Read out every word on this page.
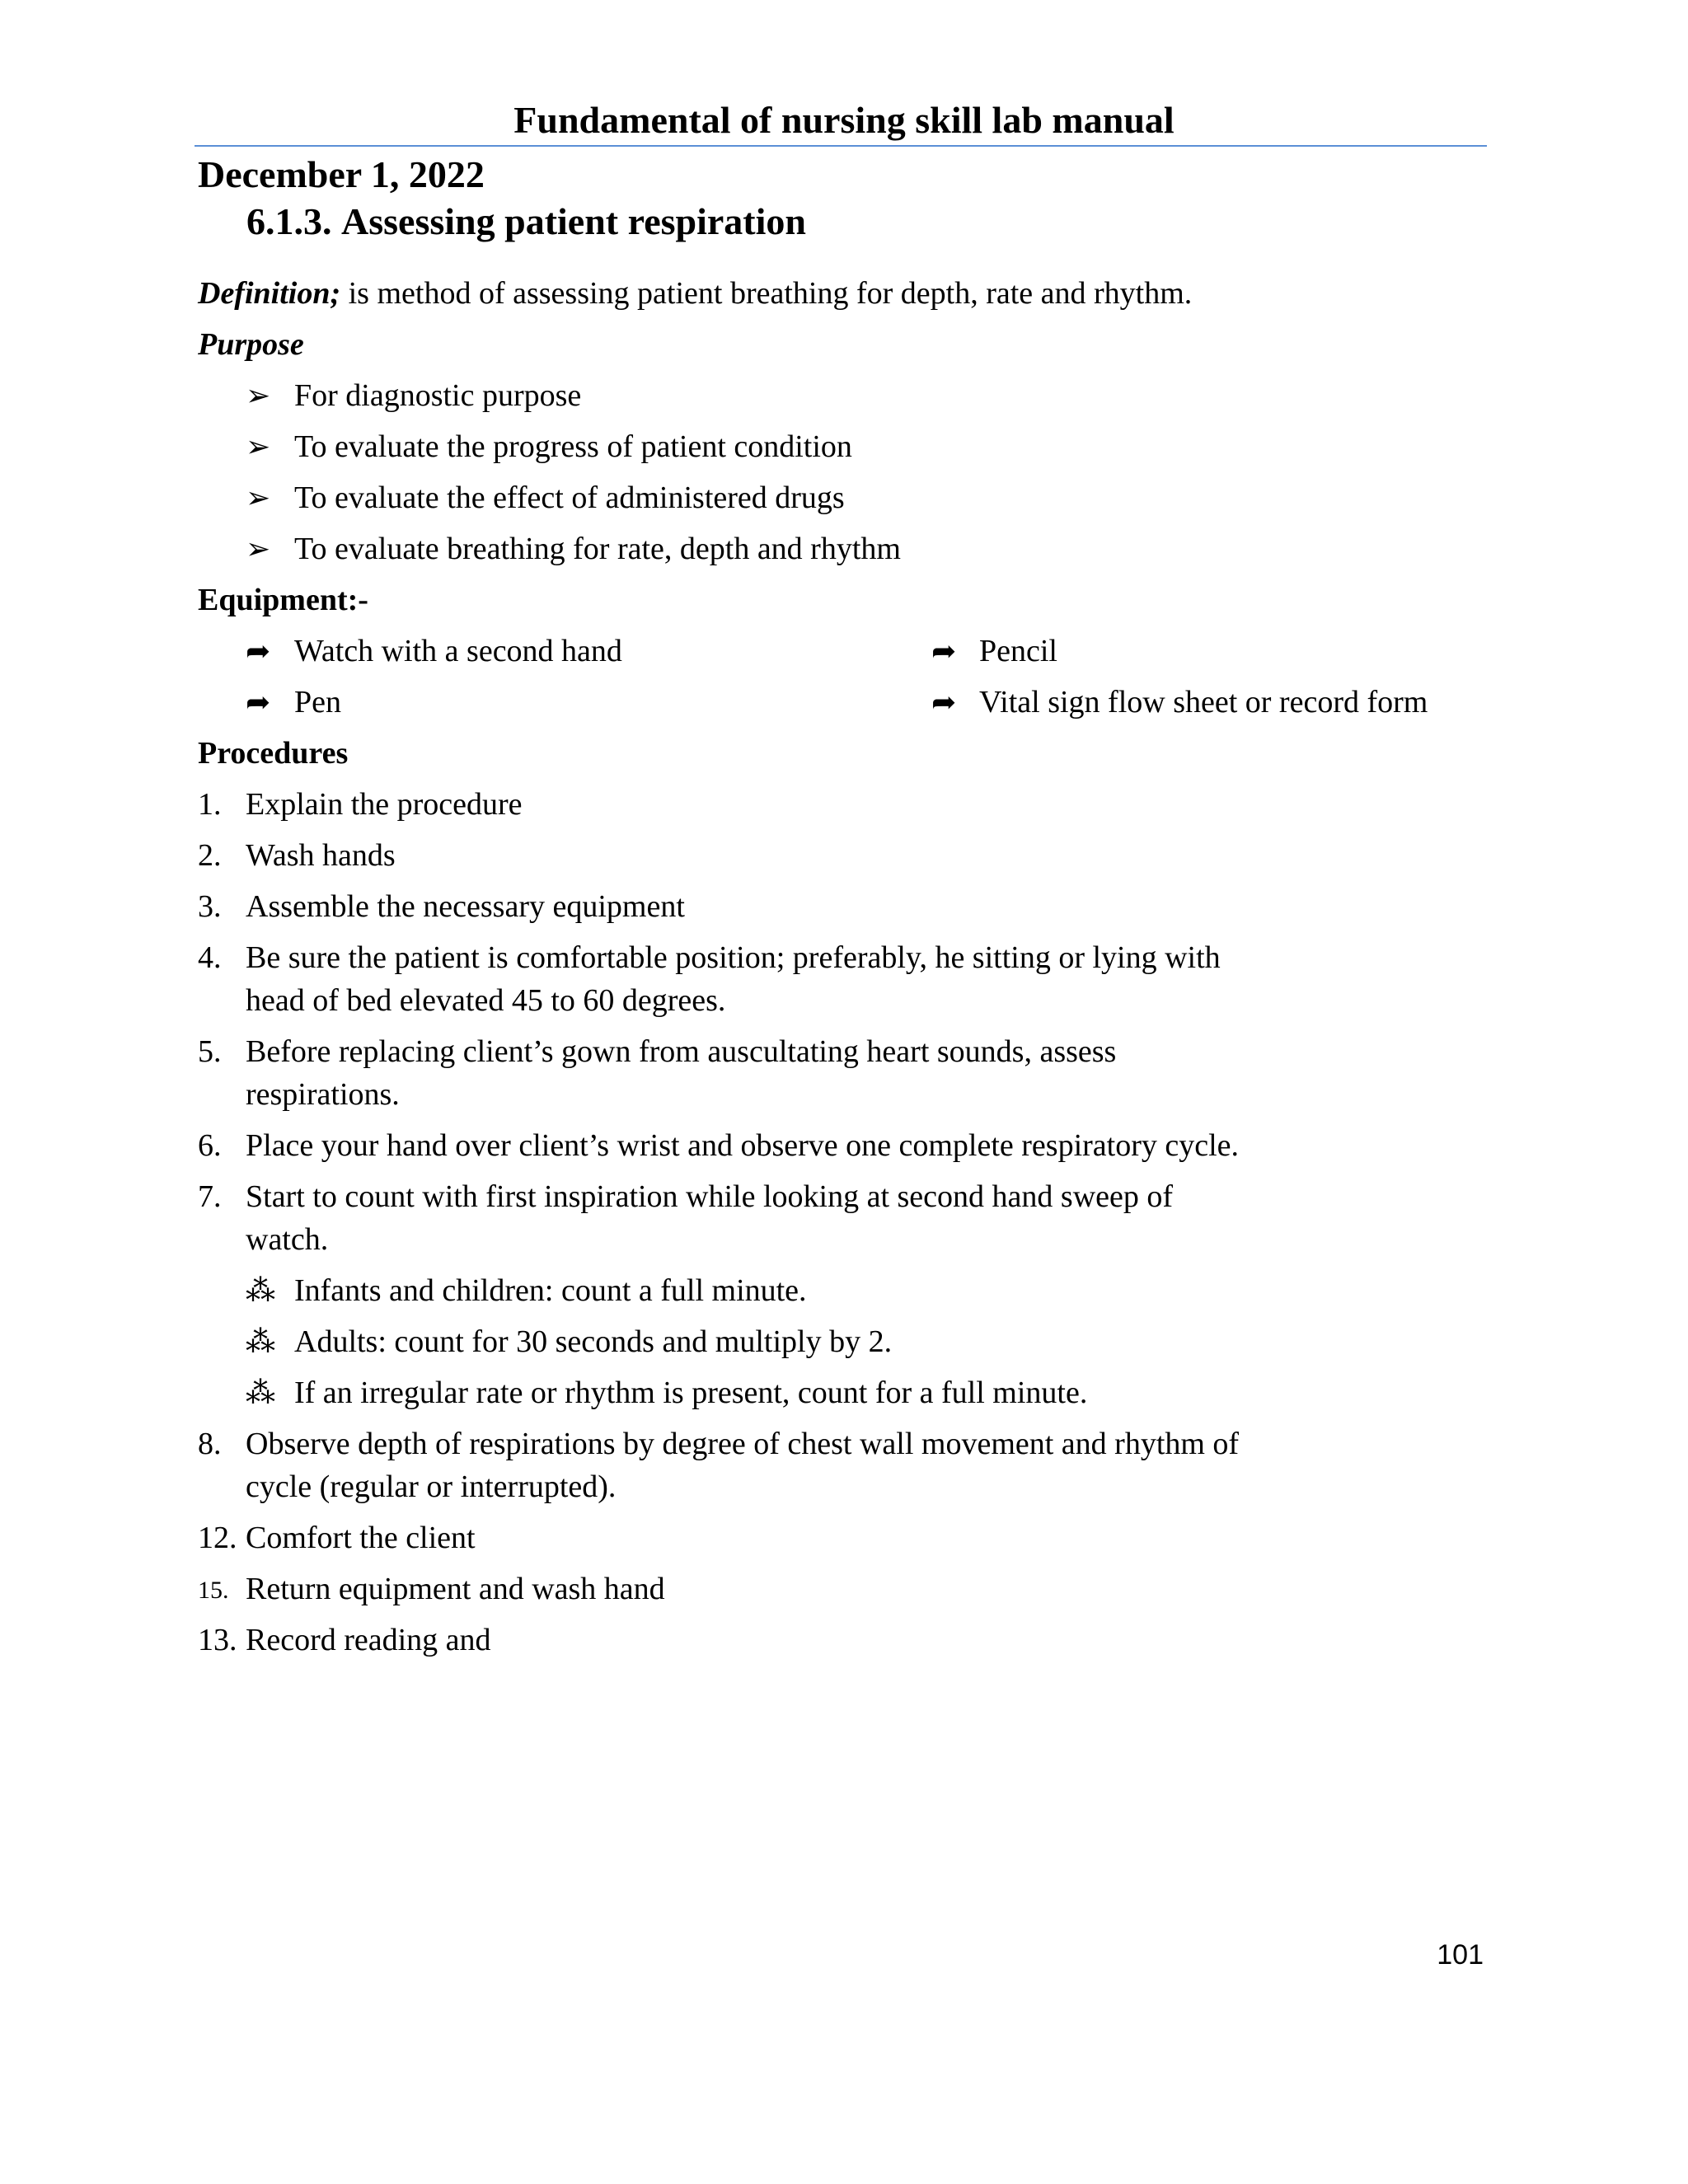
Fundamental of nursing skill lab manual
December 1, 2022
6.1.3. Assessing patient respiration
Definition; is method of assessing patient breathing for depth, rate and rhythm.
Purpose
➢ For diagnostic purpose
➢ To evaluate the progress of patient condition
➢ To evaluate the effect of administered drugs
➢ To evaluate breathing for rate, depth and rhythm
Equipment:-
➦ Watch with a second hand	➦ Pencil
➦ Pen	➦ Vital sign flow sheet or record form
Procedures
1. Explain the procedure
2. Wash hands
3. Assemble the necessary equipment
4. Be sure the patient is comfortable position; preferably, he sitting or lying with
head of bed elevated 45 to 60 degrees.
5. Before replacing client’s gown from auscultating heart sounds, assess
respirations.
6. Place your hand over client’s wrist and observe one complete respiratory cycle.
7. Start to count with first inspiration while looking at second hand sweep of
watch.
⁂ Infants and children: count a full minute.
⁂ Adults: count for 30 seconds and multiply by 2.
⁂ If an irregular rate or rhythm is present, count for a full minute.
8. Observe depth of respirations by degree of chest wall movement and rhythm of
cycle (regular or interrupted).
12. Comfort the client
15. Return equipment and wash hand
13. Record reading and
101
